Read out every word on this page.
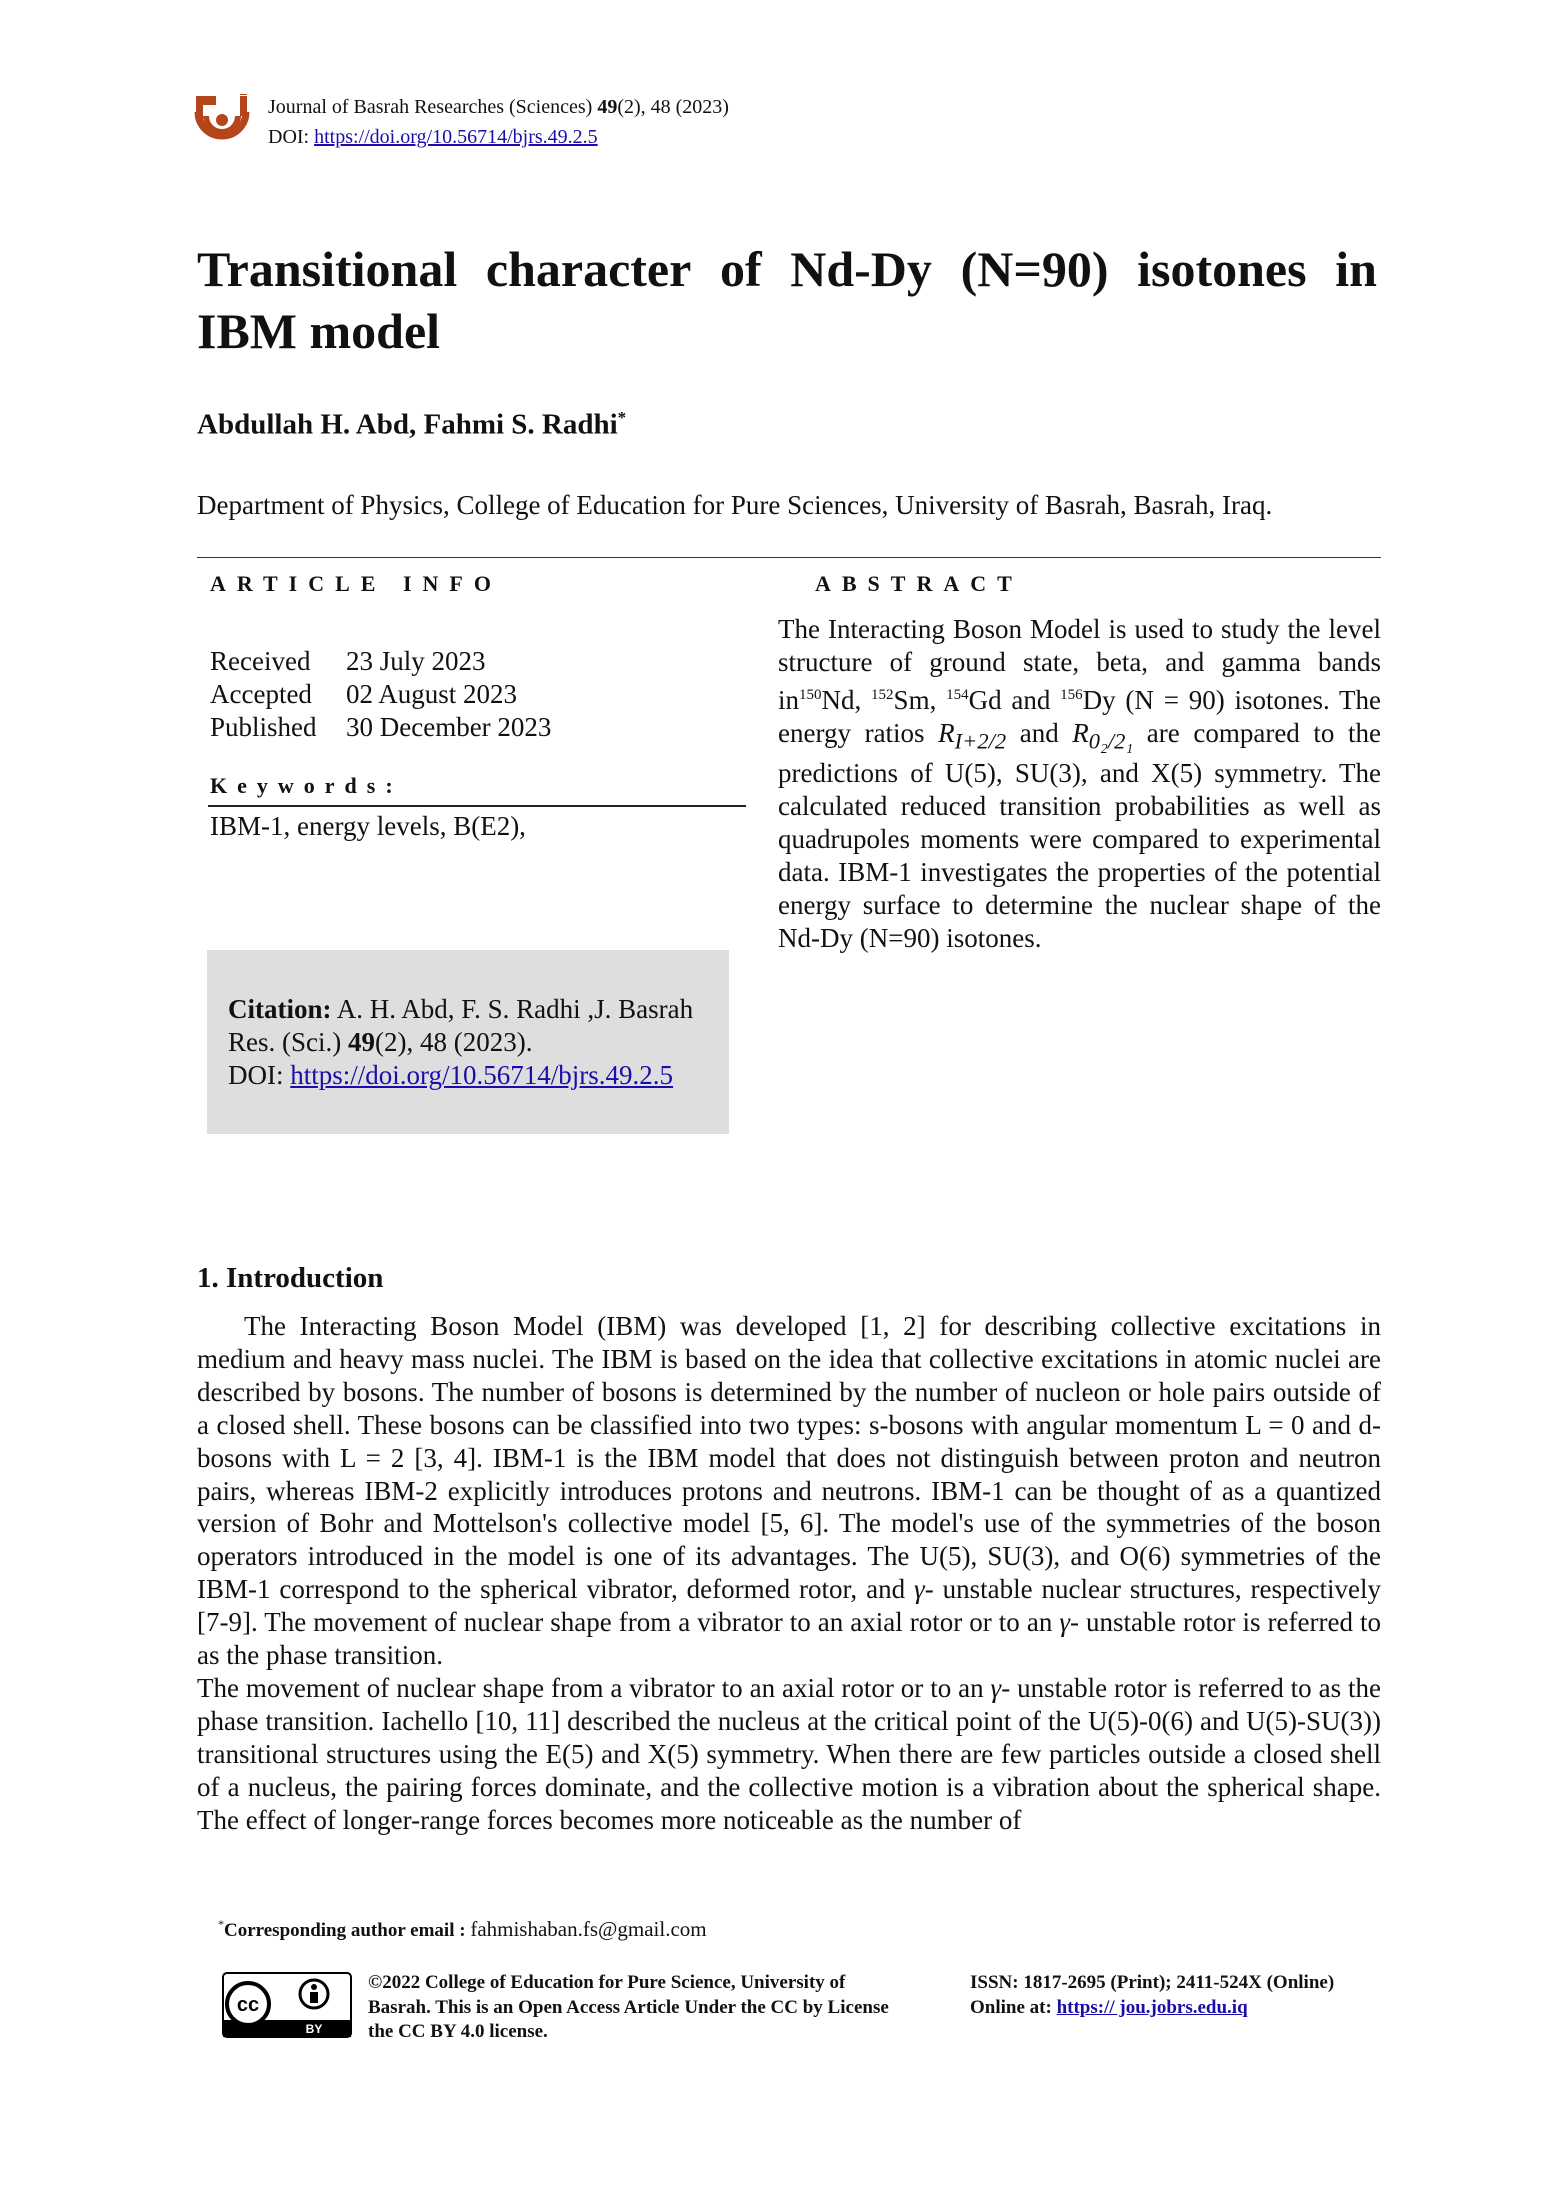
Journal of Basrah Researches (Sciences) 49(2), 48 (2023)
DOI: https://doi.org/10.56714/bjrs.49.2.5
Transitional character of Nd-Dy (N=90) isotones in
IBM model
Abdullah H. Abd, Fahmi S. Radhi*
Department of Physics, College of Education for Pure Sciences, University of Basrah, Basrah, Iraq.
ARTICLE INFO	ABSTRACT
Received	23 July 2023
Accepted	02 August 2023
Published	30 December 2023
Keywords:
IBM-1, energy levels, B(E2),
Citation: A. H. Abd, F. S. Radhi ,J. Basrah Res. (Sci.) 49(2), 48 (2023).
DOI: https://doi.org/10.56714/bjrs.49.2.5
The Interacting Boson Model is used to study the level structure of ground state, beta, and gamma bands $in^{150}Nd$, $^{152}$Sm, $^{154}$Gd and $^{156}$Dy (N = 90) isotones. The energy ratios $R_{I+2/2}$ and $R_{0_2/2_1}$ are compared to the predictions of U(5), SU(3), and X(5) symmetry. The calculated reduced transition probabilities as well as quadrupoles moments were compared to experimental data. IBM-1 investigates the properties of the potential energy surface to determine the nuclear shape of the Nd-Dy (N=90) isotones.
1. Introduction

The Interacting Boson Model (IBM) was developed [1, 2] for describing collective excitations in medium and heavy mass nuclei. The IBM is based on the idea that collective excitations in atomic nuclei are described by bosons. The number of bosons is determined by the number of nucleon or hole pairs outside of a closed shell. These bosons can be classified into two types: s-bosons with angular momentum L = 0 and d-bosons with L = 2 [3, 4]. IBM-1 is the IBM model that does not distinguish between proton and neutron pairs, whereas IBM-2 explicitly introduces protons and neutrons. IBM-1 can be thought of as a quantized version of Bohr and Mottelson's collective model [5, 6]. The model's use of the symmetries of the boson operators introduced in the model is one of its advantages. The U(5), SU(3), and O(6) symmetries of the IBM-1 correspond to the spherical vibrator, deformed rotor, and γ- unstable nuclear structures, respectively [7-9]. The movement of nuclear shape from a vibrator to an axial rotor or to an γ- unstable rotor is referred to as the phase transition.

The movement of nuclear shape from a vibrator to an axial rotor or to an γ- unstable rotor is referred to as the phase transition. Iachello [10, 11] described the nucleus at the critical point of the U(5)-0(6) and U(5)-SU(3)) transitional structures using the E(5) and X(5) symmetry. When there are few particles outside a closed shell of a nucleus, the pairing forces dominate, and the collective motion is a vibration about the spherical shape. The effect of longer-range forces becomes more noticeable as the number of

*Corresponding author email : fahmishaban.fs@gmail.com
cc
BY
©2022 College of Education for Pure Science, University of Basrah. This is an Open Access Article Under the CC by License the CC BY 4.0 license.
ISSN: 1817-2695 (Print); 2411-524X (Online)
Online at: https:// jou.jobrs.edu.iq
